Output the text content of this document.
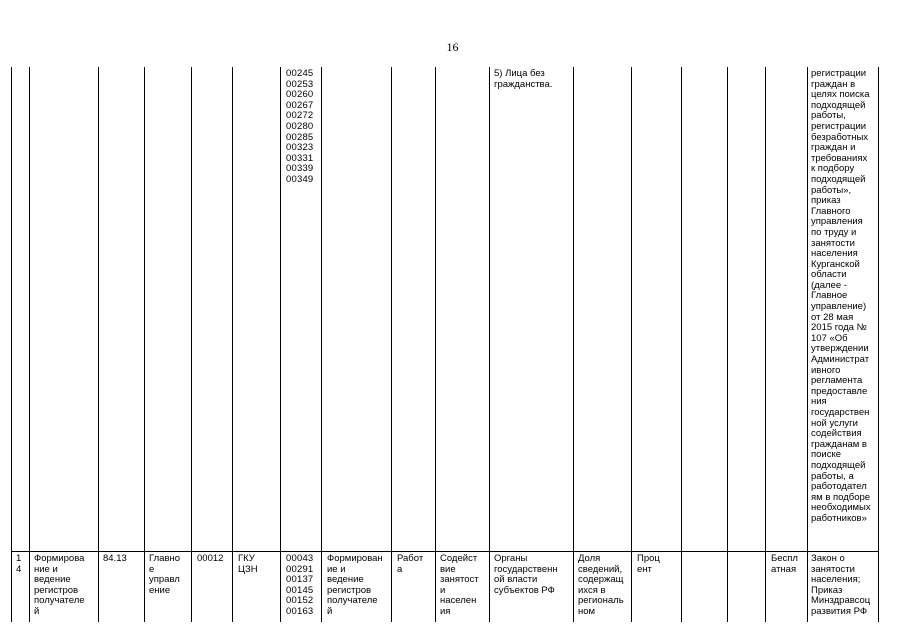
16
00245
00253
00260
00267
00272
00280
00285
00323
00331
00339
00349
5) Лица без
гражданства.
регистрации
граждан в
целях поиска
подходящей
работы,
регистрации
безработных
граждан и
требованиях
к подбору
подходящей
работы»,
приказ
Главного
управления
по труду и
занятости
населения
Курганской
области
(далее -
Главное
управление)
от 28 мая
2015 года №
107 «Об
утверждении
Администрат
ивного
регламента
предоставле
ния
государствен
ной услуги
содействия
гражданам в
поиске
подходящей
работы, а
работодател
ям в подборе
необходимых
работников»
1
4
Формирова
ние и
ведение
регистров
получателе
й
84.13 Главно
е
управл
ение
00012 ГКУ
ЦЗН
00043
00291
00137
00145
00152
00163
Формирован
ие и
ведение
регистров
получателе
й
Работ
а
Содейст
вие
занятост
и
населен
ия
Органы
государственн
ой власти
субъектов РФ
Доля
сведений,
содержащ
ихся в
региональ
ном
Проц
ент
Беспл
атная
Закон о
занятости
населения;
Приказ
Минздравсоц
развития РФ
